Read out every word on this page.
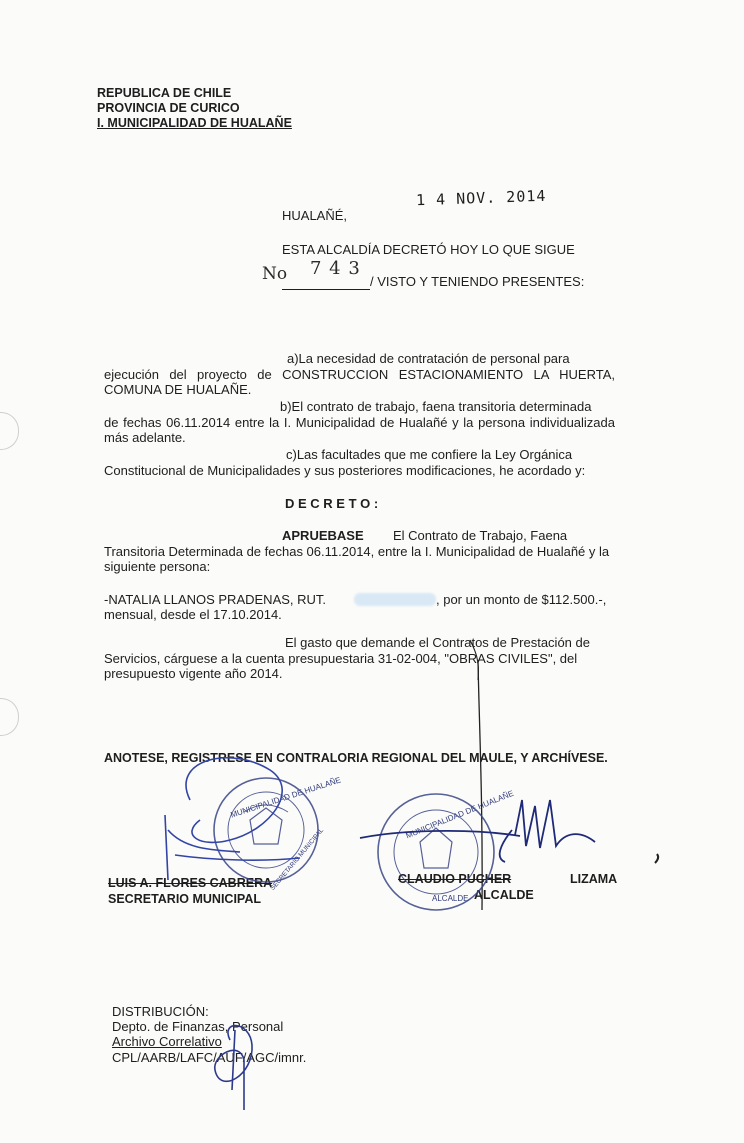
REPUBLICA DE CHILE
PROVINCIA DE CURICO
I. MUNICIPALIDAD DE HUALAÑE
1 4 NOV. 2014
HUALAÑÉ,
ESTA ALCALDÍA DECRETÓ HOY LO QUE SIGUE
No 7 4 3
/ VISTO Y TENIENDO PRESENTES:
a)La necesidad de contratación de personal para
ejecución del proyecto de CONSTRUCCION ESTACIONAMIENTO LA HUERTA, COMUNA DE HUALAÑE.
b)El contrato de trabajo, faena transitoria determinada
de fechas 06.11.2014 entre la I. Municipalidad de Hualañé y la persona individualizada más adelante.
c)Las facultades que me confiere la Ley Orgánica
Constitucional de Municipalidades y sus posteriores modificaciones, he acordado y:
D E C R E T O :
APRUEBASE El Contrato de Trabajo, Faena
Transitoria Determinada de fechas 06.11.2014, entre la I. Municipalidad de Hualañé y la siguiente persona:
-NATALIA LLANOS PRADENAS, RUT.	, por un monto de $112.500.-, mensual, desde el 17.10.2014.
El gasto que demande el Contratos de Prestación de
Servicios, cárguese a la cuenta presupuestaria 31-02-004, "OBRAS CIVILES", del presupuesto vigente año 2014.
ANOTESE, REGISTRESE EN CONTRALORIA REGIONAL DEL MAULE, Y ARCHÍVESE.
LUIS A. FLORES CABRERA
SECRETARIO MUNICIPAL
CLAUDIO PUCHER	LIZAMA
ALCALDE
MUNICIPALIDAD DE HUALAÑE
SECRETARIO MUNICIPAL
MUNICIPALIDAD DE HUALAÑE
ALCALDE
DISTRIBUCIÓN:
Depto. de Finanzas, Personal
Archivo Correlativo
CPL/AARB/LAFC/AUF/AGC/imnr.
